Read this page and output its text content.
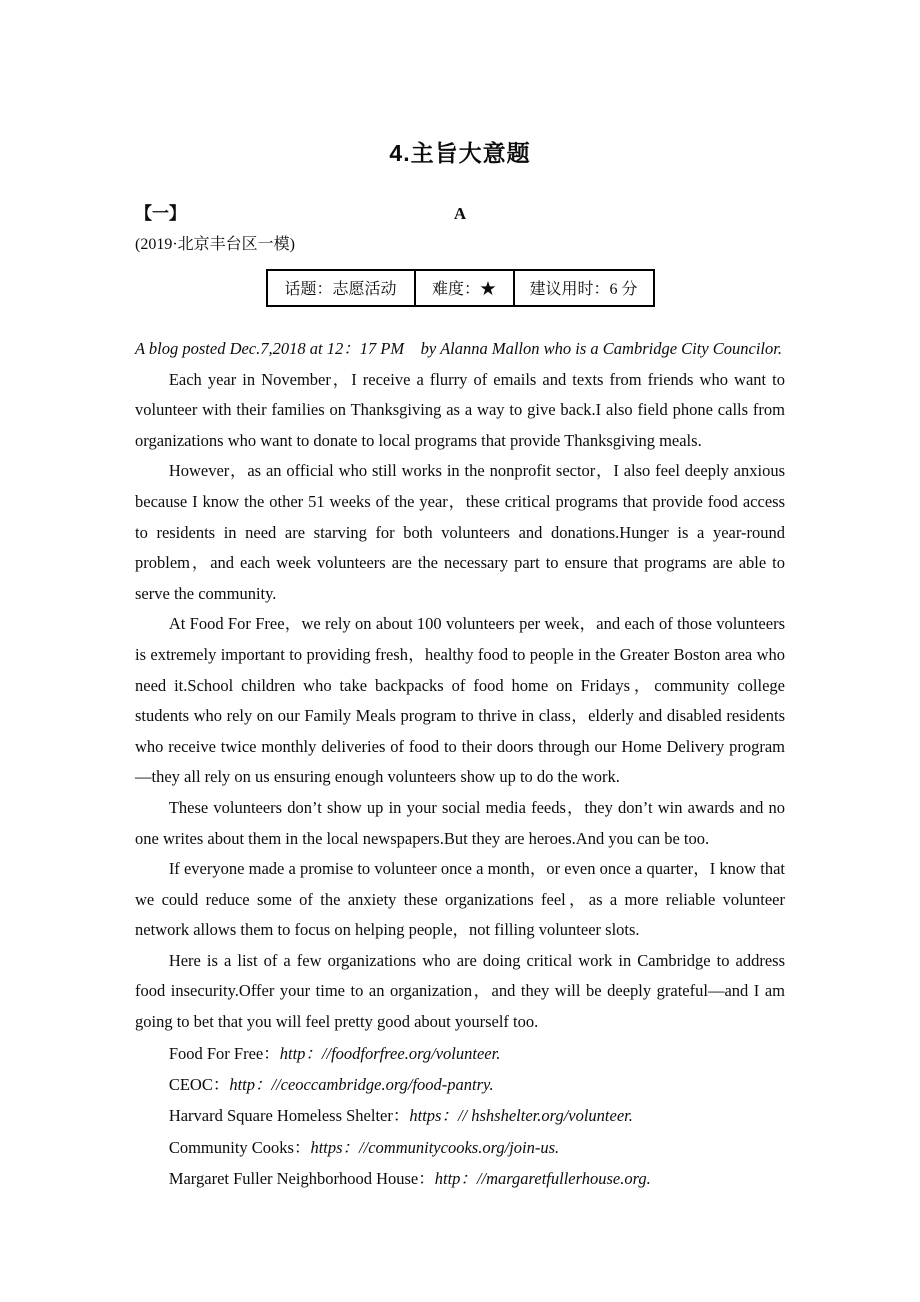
4.主旨大意题
【一】	A
(2019·北京丰台区一模)
话题：志愿活动	难度：★	建议用时：6 分

A blog posted Dec.7,2018 at 12：17 PM　by Alanna Mallon who is a Cambridge City Councilor.

Each year in November，I receive a flurry of emails and texts from friends who want to volunteer with their families on Thanksgiving as a way to give back.I also field phone calls from organizations who want to donate to local programs that provide Thanksgiving meals.

However，as an official who still works in the nonprofit sector，I also feel deeply anxious because I know the other 51 weeks of the year，these critical programs that provide food access to residents in need are starving for both volunteers and donations.Hunger is a year-round problem，and each week volunteers are the necessary part to ensure that programs are able to serve the community.

At Food For Free，we rely on about 100 volunteers per week，and each of those volunteers is extremely important to providing fresh，healthy food to people in the Greater Boston area who need it.School children who take backpacks of food home on Fridays，community college students who rely on our Family Meals program to thrive in class，elderly and disabled residents who receive twice monthly deliveries of food to their doors through our Home Delivery program—they all rely on us ensuring enough volunteers show up to do the work.

These volunteers don’t show up in your social media feeds，they don’t win awards and no one writes about them in the local newspapers.But they are heroes.And you can be too.

If everyone made a promise to volunteer once a month，or even once a quarter，I know that we could reduce some of the anxiety these organizations feel，as a more reliable volunteer network allows them to focus on helping people，not filling volunteer slots.

Here is a list of a few organizations who are doing critical work in Cambridge to address food insecurity.Offer your time to an organization，and they will be deeply grateful—and I am going to bet that you will feel pretty good about yourself too.

Food For Free：http：//foodforfree.org/volunteer.

CEOC：http：//ceoccambridge.org/food-pantry.

Harvard Square Homeless Shelter：https：// hshshelter.org/volunteer.

Community Cooks：https：//communitycooks.org/join-us.

Margaret Fuller Neighborhood House：http：//margaretfullerhouse.org.
